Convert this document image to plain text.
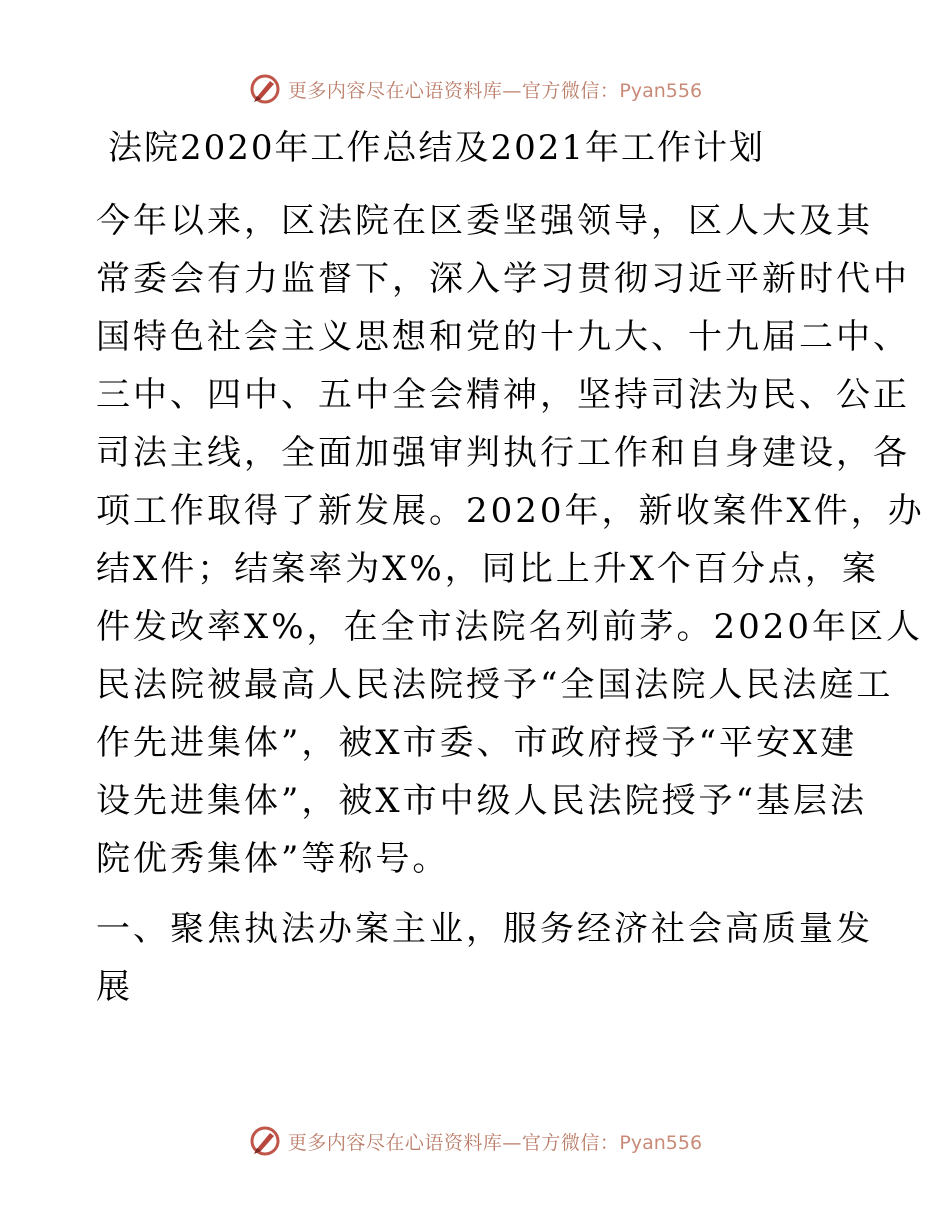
更多内容尽在心语资料库—官方微信：Pyan556
法院2020年工作总结及2021年工作计划
今年以来，区法院在区委坚强领导，区人大及其
常委会有力监督下，深入学习贯彻习近平新时代中
国特色社会主义思想和党的十九大、十九届二中、
三中、四中、五中全会精神，坚持司法为民、公正
司法主线，全面加强审判执行工作和自身建设，各
项工作取得了新发展。2020年，新收案件X件，办
结X件；结案率为X%，同比上升X个百分点，案
件发改率X%，在全市法院名列前茅。2020年区人
民法院被最高人民法院授予“全国法院人民法庭工
作先进集体”，被X市委、市政府授予“平安X建
设先进集体”，被X市中级人民法院授予“基层法
院优秀集体”等称号。
一、聚焦执法办案主业，服务经济社会高质量发
展
更多内容尽在心语资料库—官方微信：Pyan556
